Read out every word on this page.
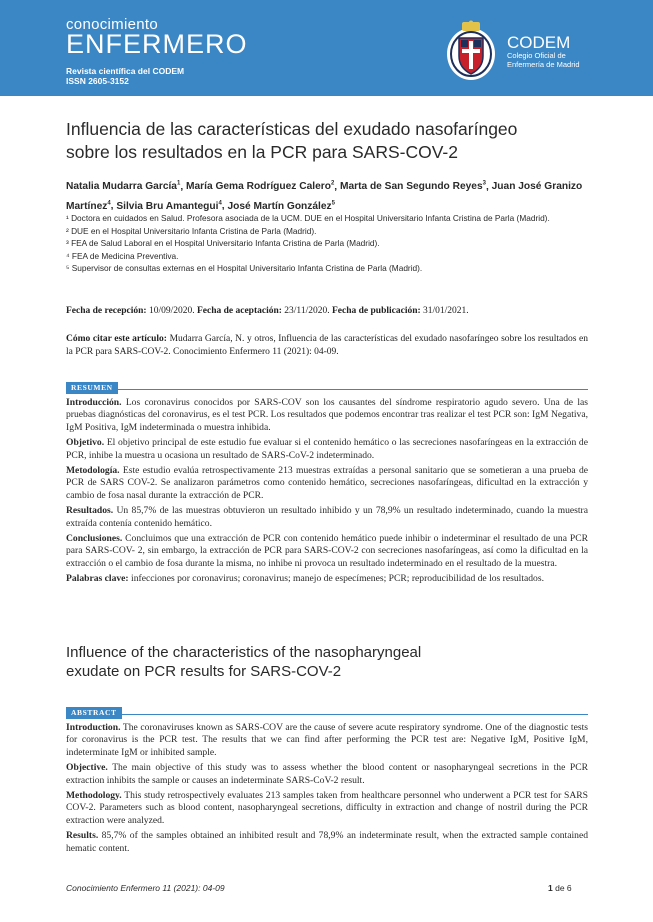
conocimiento
ENFERMERO
Revista científica del CODEM
ISSN 2605-3152
CODEM
Colegio Oficial de
Enfermería de Madrid
Influencia de las características del exudado nasofaríngeo
sobre los resultados en la PCR para SARS-COV-2
Natalia Mudarra García$^1$, María Gema Rodríguez Calero$^2$, Marta de San Segundo Reyes$^3$, Juan José Granizo Martínez$^4$, Silvia Bru Amantegui$^4$, José Martín González$^5$
¹ Doctora en cuidados en Salud. Profesora asociada de la UCM. DUE en el Hospital Universitario Infanta Cristina de Parla (Madrid).
² DUE en el Hospital Universitario Infanta Cristina de Parla (Madrid).
³ FEA de Salud Laboral en el Hospital Universitario Infanta Cristina de Parla (Madrid).
⁴ FEA de Medicina Preventiva.
⁵ Supervisor de consultas externas en el Hospital Universitario Infanta Cristina de Parla (Madrid).
Fecha de recepción: 10/09/2020. Fecha de aceptación: 23/11/2020. Fecha de publicación: 31/01/2021.
Cómo citar este artículo: Mudarra García, N. y otros, Influencia de las características del exudado nasofaríngeo sobre los resultados en la PCR para SARS-COV-2. Conocimiento Enfermero 11 (2021): 04-09.
RESUMEN

Introducción. Los coronavirus conocidos por SARS-COV son los causantes del síndrome respiratorio agudo severo. Una de las pruebas diagnósticas del coronavirus, es el test PCR. Los resultados que podemos encontrar tras realizar el test PCR son: IgM Negativa, IgM Positiva, IgM indeterminada o muestra inhibida.

Objetivo. El objetivo principal de este estudio fue evaluar si el contenido hemático o las secreciones nasofaríngeas en la extracción de PCR, inhibe la muestra u ocasiona un resultado de SARS-CoV-2 indeterminado.

Metodología. Este estudio evalúa retrospectivamente 213 muestras extraídas a personal sanitario que se sometieran a una prueba de PCR de SARS COV-2. Se analizaron parámetros como contenido hemático, secreciones nasofaríngeas, dificultad en la extracción y cambio de fosa nasal durante la extracción de PCR.

Resultados. Un 85,7% de las muestras obtuvieron un resultado inhibido y un 78,9% un resultado indeterminado, cuando la muestra extraída contenía contenido hemático.

Conclusiones. Concluimos que una extracción de PCR con contenido hemático puede inhibir o indeterminar el resultado de una PCR para SARS-COV- 2, sin embargo, la extracción de PCR para SARS-COV-2 con secreciones nasofaríngeas, así como la dificultad en la extracción o el cambio de fosa durante la misma, no inhibe ni provoca un resultado indeterminado en el resultado de la muestra.

Palabras clave: infecciones por coronavirus; coronavirus; manejo de especímenes; PCR; reproducibilidad de los resultados.

Influence of the characteristics of the nasopharyngeal
exudate on PCR results for SARS-COV-2
ABSTRACT

Introduction. The coronaviruses known as SARS-COV are the cause of severe acute respiratory syndrome. One of the diagnostic tests for coronavirus is the PCR test. The results that we can find after performing the PCR test are: Negative IgM, Positive IgM, indeterminate IgM or inhibited sample.

Objective. The main objective of this study was to assess whether the blood content or nasopharyngeal secretions in the PCR extraction inhibits the sample or causes an indeterminate SARS-CoV-2 result.

Methodology. This study retrospectively evaluates 213 samples taken from healthcare personnel who underwent a PCR test for SARS COV-2. Parameters such as blood content, nasopharyngeal secretions, difficulty in extraction and change of nostril during the PCR extraction were analyzed.

Results. 85,7% of the samples obtained an inhibited result and 78,9% an indeterminate result, when the extracted sample contained hematic content.

Conocimiento Enfermero 11 (2021): 04-09	1 de 6
